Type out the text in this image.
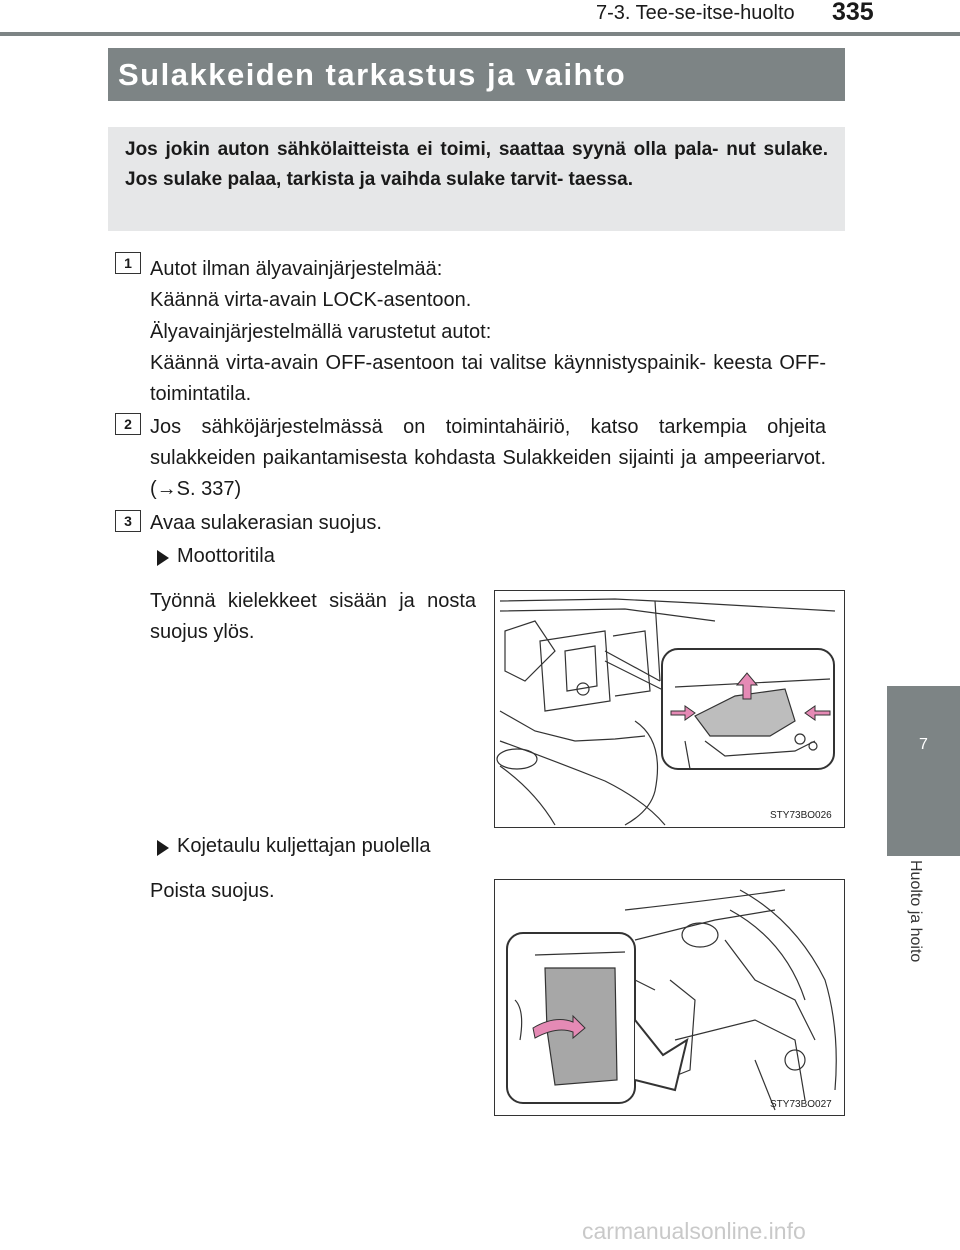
7-3. Tee-se-itse-huolto 335
Sulakkeiden tarkastus ja vaihto
Jos jokin auton sähkölaitteista ei toimi, saattaa syynä olla pala- nut sulake. Jos sulake palaa, tarkista ja vaihda sulake tarvit- taessa.
1 Autot ilman älyavainjärjestelmää:
Käännä virta-avain LOCK-asentoon.
Älyavainjärjestelmällä varustetut autot:
Käännä virta-avain OFF-asentoon tai valitse käynnistyspainik- keesta OFF-toimintatila.
2 Jos sähköjärjestelmässä on toimintahäiriö, katso tarkempia ohjeita sulakkeiden paikantamisesta kohdasta Sulakkeiden sijainti ja ampeeriarvot. (→S. 337)
3 Avaa sulakerasian suojus.
Moottoritila
Työnnä kielekkeet sisään ja nosta suojus ylös.
STY73BO026
Kojetaulu kuljettajan puolella
Poista suojus.
STY73BO027
7
Huolto ja hoito
carmanualsonline.info
